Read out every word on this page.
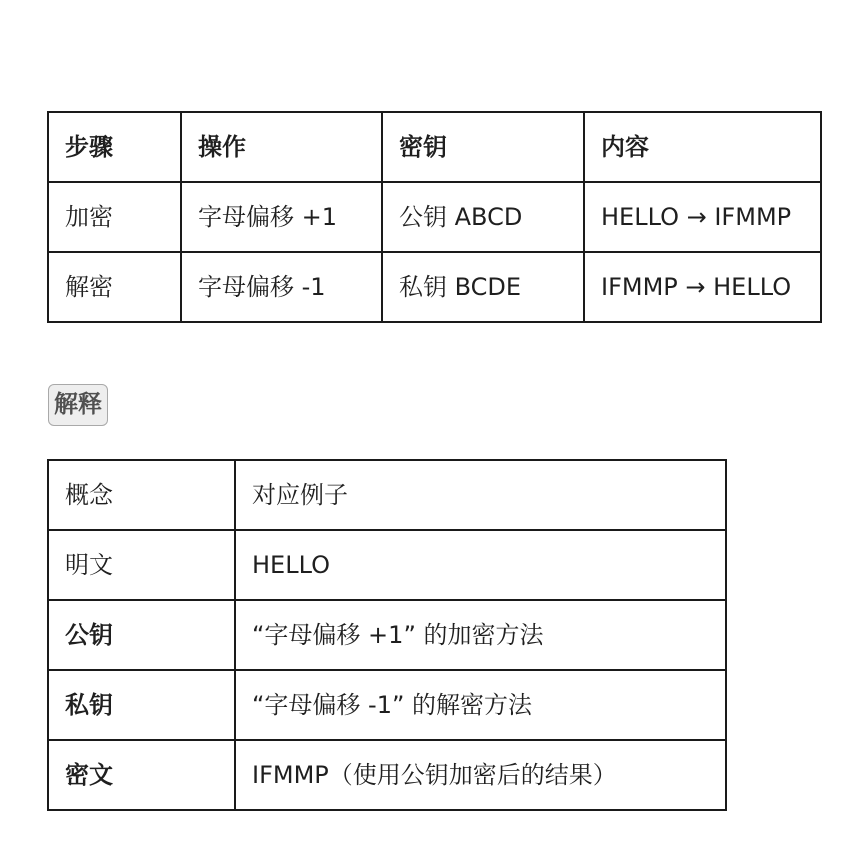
步骤	操作	密钥	内容
加密	字母偏移 +1	公钥 ABCD	HELLO → IFMMP
解密	字母偏移 -1	私钥 BCDE	IFMMP → HELLO
解释
概念	对应例子
明文	HELLO
公钥	“字母偏移 +1” 的加密方法
私钥	“字母偏移 -1” 的解密方法
密文	IFMMP（使用公钥加密后的结果）
